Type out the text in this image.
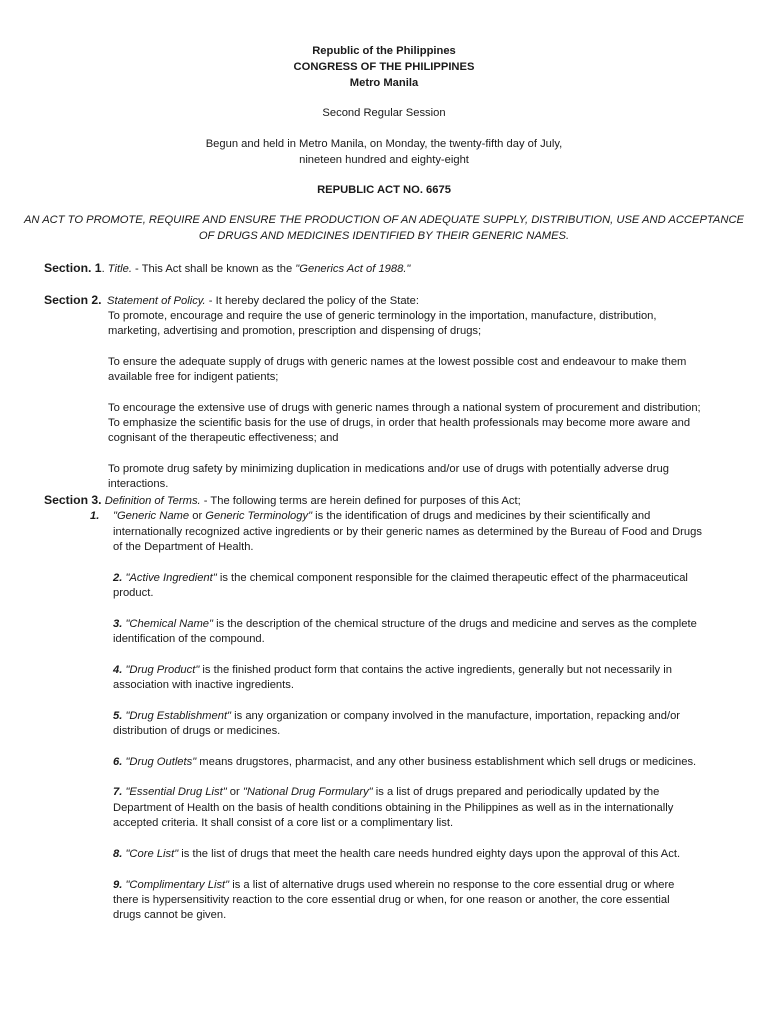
Republic of the Philippines
CONGRESS OF THE PHILIPPINES
Metro Manila
Second Regular Session
Begun and held in Metro Manila, on Monday, the twenty-fifth day of July,
nineteen hundred and eighty-eight
REPUBLIC ACT NO. 6675
AN ACT TO PROMOTE, REQUIRE AND ENSURE THE PRODUCTION OF AN ADEQUATE SUPPLY, DISTRIBUTION, USE AND ACCEPTANCE
OF DRUGS AND MEDICINES IDENTIFIED BY THEIR GENERIC NAMES.
Section. 1. Title. - This Act shall be known as the "Generics Act of 1988."
Section 2. Statement of Policy. - It hereby declared the policy of the State:
To promote, encourage and require the use of generic terminology in the importation, manufacture, distribution,
marketing, advertising and promotion, prescription and dispensing of drugs;
To ensure the adequate supply of drugs with generic names at the lowest possible cost and endeavour to make them
available free for indigent patients;
To encourage the extensive use of drugs with generic names through a national system of procurement and distribution;
To emphasize the scientific basis for the use of drugs, in order that health professionals may become more aware and
cognisant of the therapeutic effectiveness; and
To promote drug safety by minimizing duplication in medications and/or use of drugs with potentially adverse drug
interactions.
Section 3. Definition of Terms. - The following terms are herein defined for purposes of this Act;
1. "Generic Name or Generic Terminology" is the identification of drugs and medicines by their scientifically and
internationally recognized active ingredients or by their generic names as determined by the Bureau of Food and Drugs
of the Department of Health.
2. "Active Ingredient" is the chemical component responsible for the claimed therapeutic effect of the pharmaceutical
product.
3. "Chemical Name" is the description of the chemical structure of the drugs and medicine and serves as the complete
identification of the compound.
4. "Drug Product" is the finished product form that contains the active ingredients, generally but not necessarily in
association with inactive ingredients.
5. "Drug Establishment" is any organization or company involved in the manufacture, importation, repacking and/or
distribution of drugs or medicines.
6. "Drug Outlets" means drugstores, pharmacist, and any other business establishment which sell drugs or medicines.
7. "Essential Drug List" or "National Drug Formulary" is a list of drugs prepared and periodically updated by the
Department of Health on the basis of health conditions obtaining in the Philippines as well as in the internationally
accepted criteria. It shall consist of a core list or a complimentary list.
8. "Core List" is the list of drugs that meet the health care needs hundred eighty days upon the approval of this Act.
9. "Complimentary List" is a list of alternative drugs used wherein no response to the core essential drug or where
there is hypersensitivity reaction to the core essential drug or when, for one reason or another, the core essential
drugs cannot be given.
